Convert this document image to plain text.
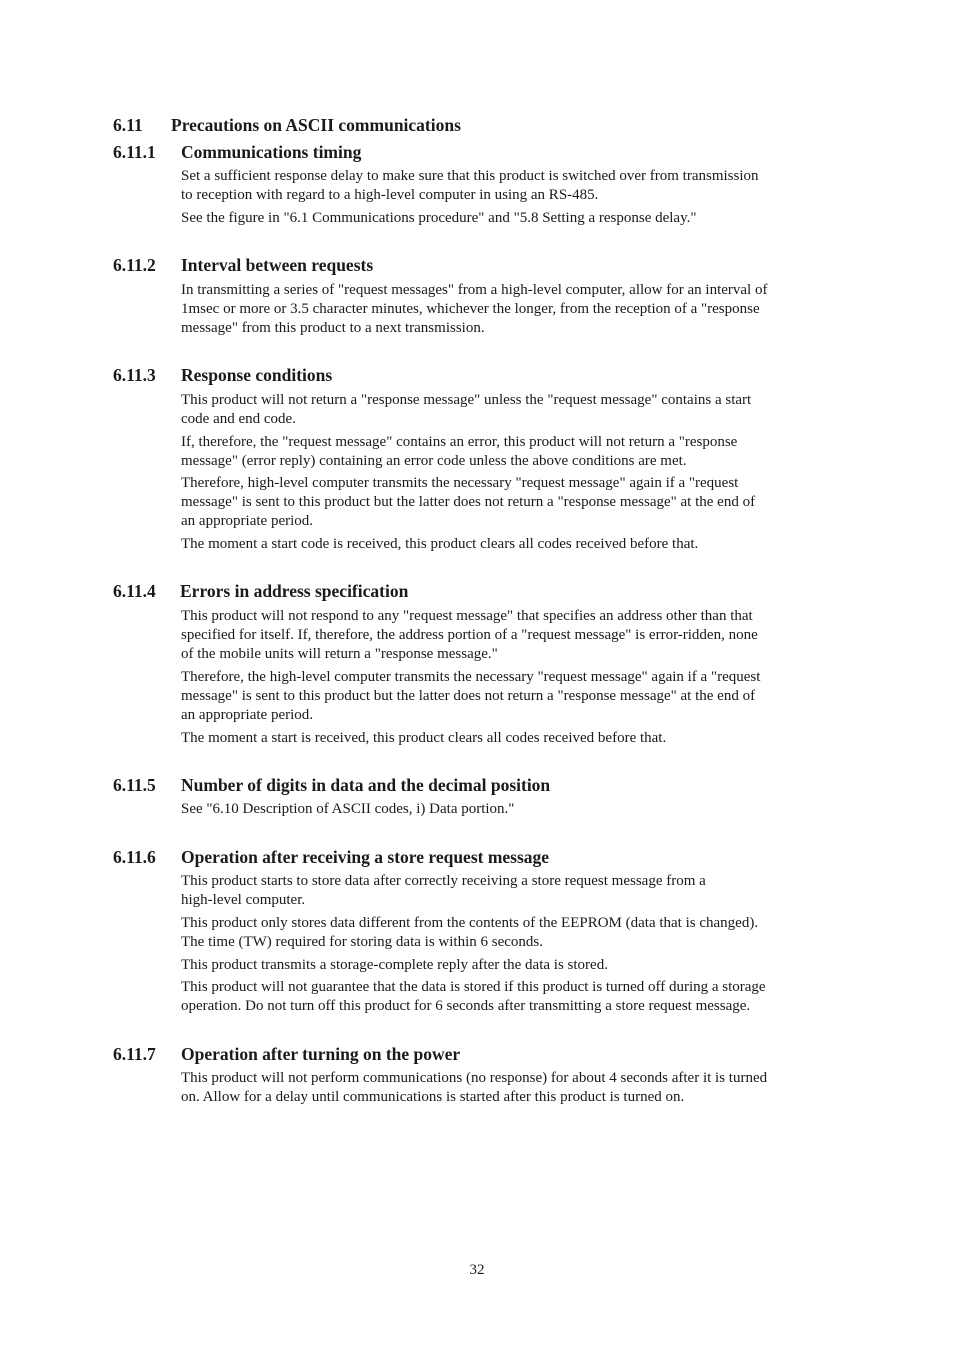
6.11 Precautions on ASCII communications
6.11.1 Communications timing

Set a sufficient response delay to make sure that this product is switched over from transmission
to reception with regard to a high-level computer in using an RS-485.

See the figure in "6.1 Communications procedure" and "5.8 Setting a response delay."

6.11.2 Interval between requests

In transmitting a series of "request messages" from a high-level computer, allow for an interval of
1msec or more or 3.5 character minutes, whichever the longer, from the reception of a "response
message" from this product to a next transmission.

6.11.3 Response conditions

This product will not return a "response message" unless the "request message" contains a start
code and end code.

If, therefore, the "request message" contains an error, this product will not return a "response
message" (error reply) containing an error code unless the above conditions are met.

Therefore, high-level computer transmits the necessary "request message" again if a "request
message" is sent to this product but the latter does not return a "response message" at the end of
an appropriate period.

The moment a start code is received, this product clears all codes received before that.

6.11.4 Errors in address specification

This product will not respond to any "request message" that specifies an address other than that
specified for itself. If, therefore, the address portion of a "request message" is error-ridden, none
of the mobile units will return a "response message."

Therefore, the high-level computer transmits the necessary "request message" again if a "request
message" is sent to this product but the latter does not return a "response message" at the end of
an appropriate period.

The moment a start is received, this product clears all codes received before that.

6.11.5 Number of digits in data and the decimal position

See "6.10 Description of ASCII codes, i) Data portion."

6.11.6 Operation after receiving a store request message

This product starts to store data after correctly receiving a store request message from a
high-level computer.

This product only stores data different from the contents of the EEPROM (data that is changed).
The time (TW) required for storing data is within 6 seconds.

This product transmits a storage-complete reply after the data is stored.

This product will not guarantee that the data is stored if this product is turned off during a storage
operation. Do not turn off this product for 6 seconds after transmitting a store request message.

6.11.7 Operation after turning on the power

This product will not perform communications (no response) for about 4 seconds after it is turned
on. Allow for a delay until communications is started after this product is turned on.

32
